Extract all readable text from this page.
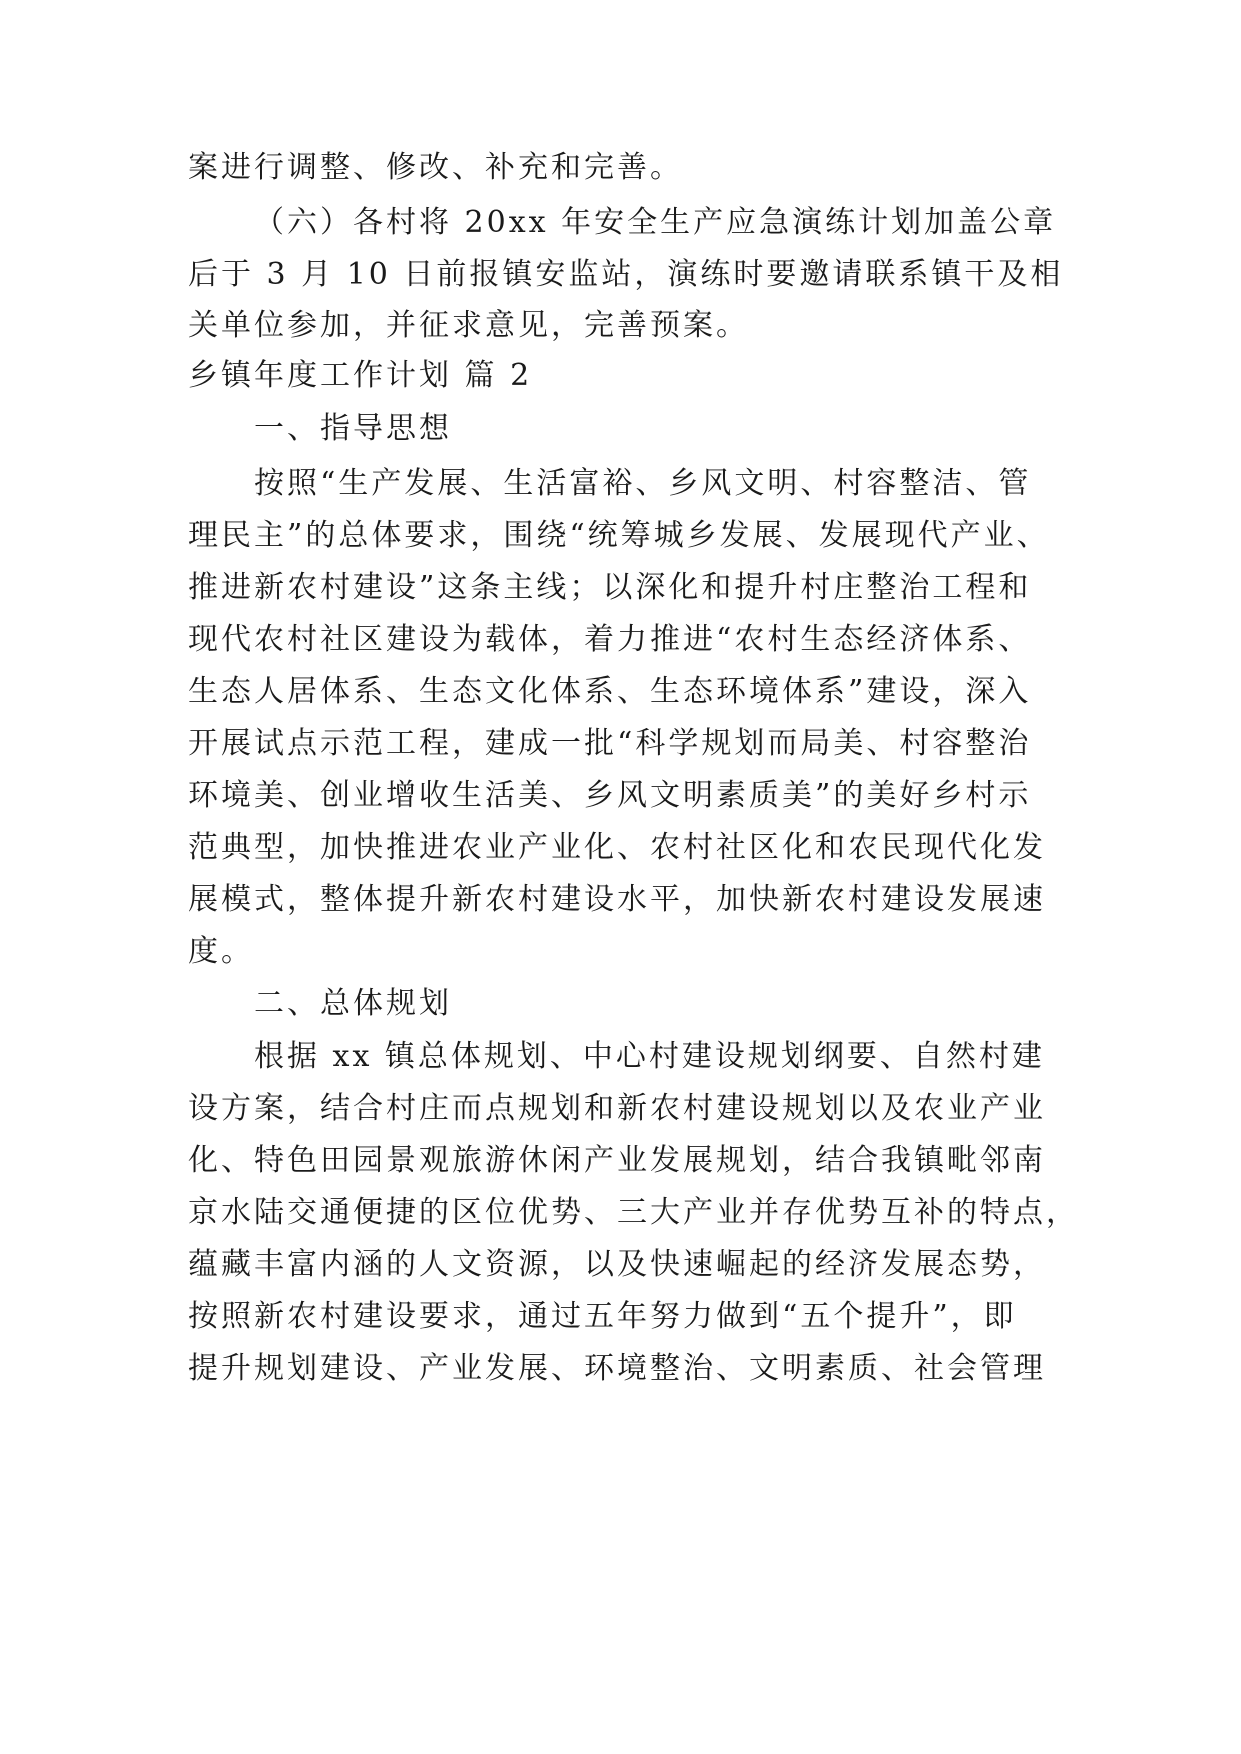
案进行调整、修改、补充和完善。

（六）各村将 20xx 年安全生产应急演练计划加盖公章

后于 3 月 10 日前报镇安监站，演练时要邀请联系镇干及相

关单位参加，并征求意见，完善预案。

乡镇年度工作计划 篇 2

一、指导思想

按照“生产发展、生活富裕、乡风文明、村容整洁、管

理民主”的总体要求，围绕“统筹城乡发展、发展现代产业、

推进新农村建设”这条主线；以深化和提升村庄整治工程和

现代农村社区建设为载体，着力推进“农村生态经济体系、

生态人居体系、生态文化体系、生态环境体系”建设，深入

开展试点示范工程，建成一批“科学规划而局美、村容整治

环境美、创业增收生活美、乡风文明素质美”的美好乡村示

范典型，加快推进农业产业化、农村社区化和农民现代化发

展模式，整体提升新农村建设水平，加快新农村建设发展速

度。

二、总体规划

根据 xx 镇总体规划、中心村建设规划纲要、自然村建

设方案，结合村庄而点规划和新农村建设规划以及农业产业

化、特色田园景观旅游休闲产业发展规划，结合我镇毗邻南

京水陆交通便捷的区位优势、三大产业并存优势互补的特点，

蕴藏丰富内涵的人文资源，以及快速崛起的经济发展态势，

按照新农村建设要求，通过五年努力做到“五个提升”，即

提升规划建设、产业发展、环境整治、文明素质、社会管理
